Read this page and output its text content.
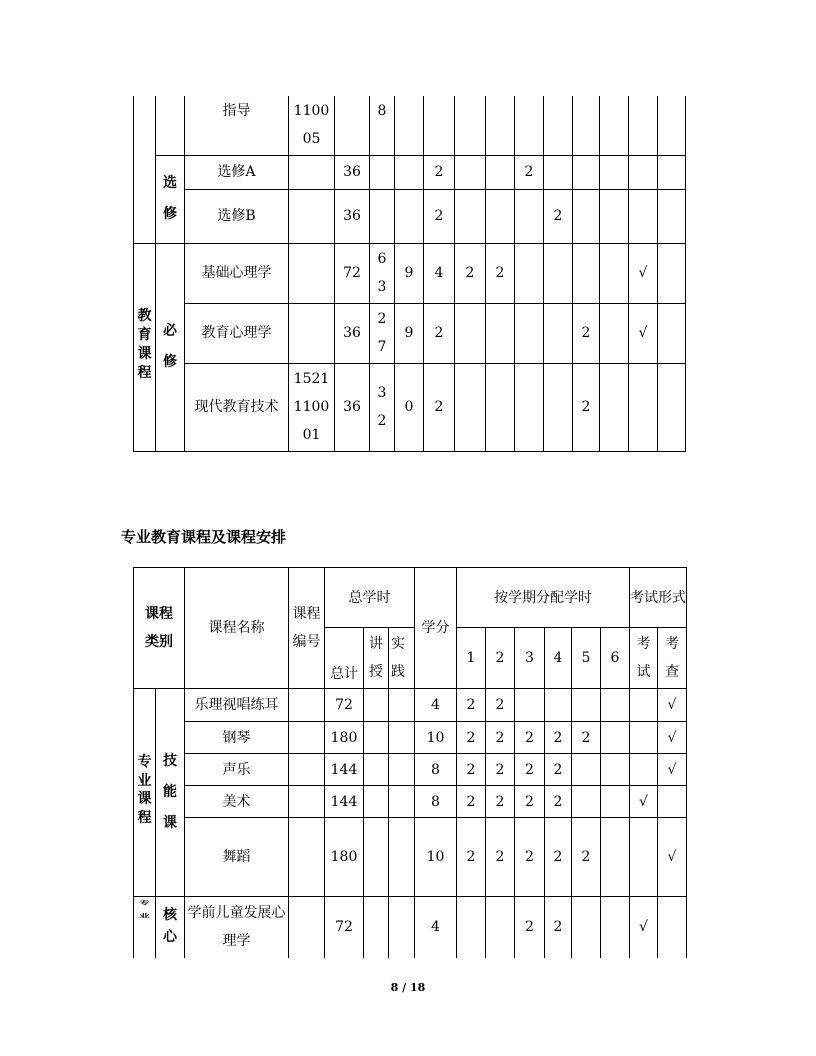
		指导	1100 05		8										
	选 修	选修A		36			2			2					
		选修B		36			2				2				
教育课程	必 修	基础心理学		72	6 3	9	4	2	2					√	
		教育心理学		36	2 7	9	2					2		√	
		现代教育技术	1521 1100 01	36	3 2	0	2					2			
专业教育课程及课程安排
课程类别		课程名称	课程编号	总学时			学分	按学期分配学时						考试形式	
				总计	讲授	实践		1	2	3	4	5	6	考试	考查
专业课程	技 能 课	乐理视唱练耳		72			4	2	2						√
		钢琴		180			10	2	2	2	2	2			√
		声乐		144			8	2	2	2	2				√
		美术		144			8	2	2	2	2			√	
		舞蹈		180			10	2	2	2	2	2			√
专 业	核 心	学前儿童发展心理学		72			4			2	2			√	
8 / 18
